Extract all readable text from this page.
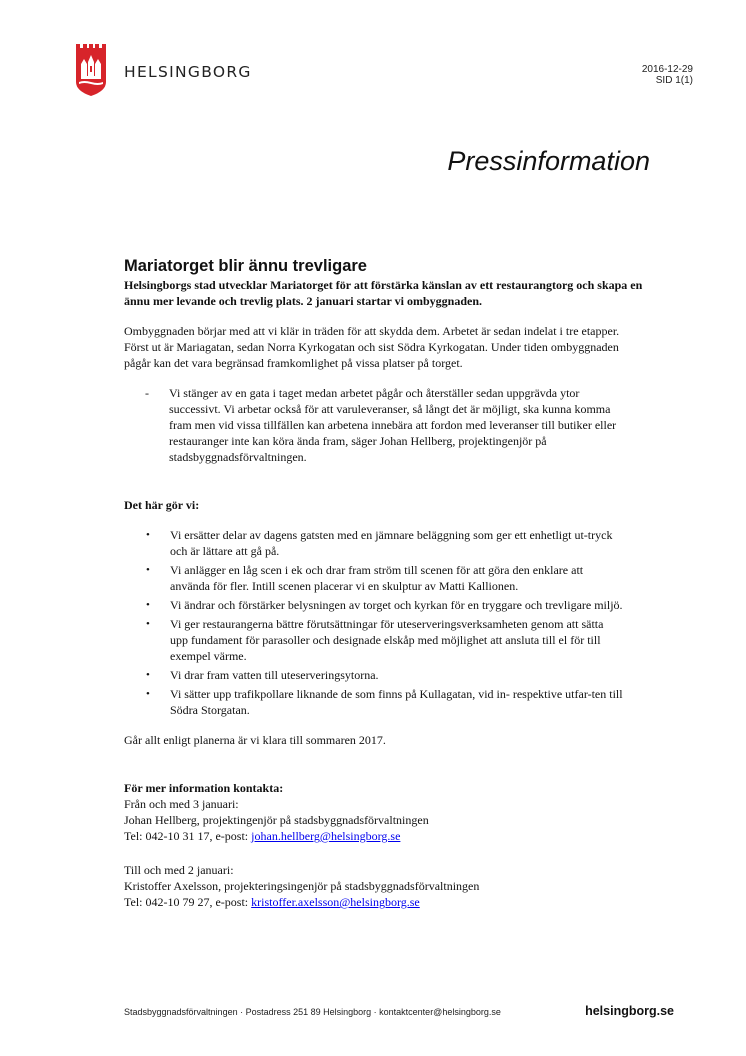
HELSINGBORG	2016-12-29
SID 1(1)
Pressinformation

Mariatorget blir ännu trevligare

Helsingborgs stad utvecklar Mariatorget för att förstärka känslan av ett restaurangtorg och skapa en ännu mer levande och trevlig plats. 2 januari startar vi ombyggnaden.

Ombyggnaden börjar med att vi klär in träden för att skydda dem. Arbetet är sedan indelat i tre etapper. Först ut är Mariagatan, sedan Norra Kyrkogatan och sist Södra Kyrkogatan. Under tiden ombyggnaden pågår kan det vara begränsad framkomlighet på vissa platser på torget.

-	Vi stänger av en gata i taget medan arbetet pågår och återställer sedan uppgrävda ytor successivt. Vi arbetar också för att varuleveranser, så långt det är möjligt, ska kunna komma fram men vid vissa tillfällen kan arbetena innebära att fordon med leveranser till butiker eller restauranger inte kan köra ända fram, säger Johan Hellberg, projektingenjör på stadsbyggnadsförvaltningen.

Det här gör vi:

•	Vi ersätter delar av dagens gatsten med en jämnare beläggning som ger ett enhetligt ut-tryck och är lättare att gå på.
•	Vi anlägger en låg scen i ek och drar fram ström till scenen för att göra den enklare att använda för fler. Intill scenen placerar vi en skulptur av Matti Kallionen.
•	Vi ändrar och förstärker belysningen av torget och kyrkan för en tryggare och trevligare miljö.
•	Vi ger restaurangerna bättre förutsättningar för uteserveringsverksamheten genom att sätta upp fundament för parasoller och designade elskåp med möjlighet att ansluta till el för till exempel värme.
•	Vi drar fram vatten till uteserveringsytorna.
•	Vi sätter upp trafikpollare liknande de som finns på Kullagatan, vid in- respektive utfar-ten till Södra Storgatan.

Går allt enligt planerna är vi klara till sommaren 2017.

För mer information kontakta:

Från och med 3 januari:

Johan Hellberg, projektingenjör på stadsbyggnadsförvaltningen

Tel: 042-10 31 17, e-post: johan.hellberg@helsingborg.se

Till och med 2 januari:

Kristoffer Axelsson, projekteringsingenjör på stadsbyggnadsförvaltningen

Tel: 042-10 79 27, e-post: kristoffer.axelsson@helsingborg.se

Stadsbyggnadsförvaltningen · Postadress 251 89 Helsingborg · kontaktcenter@helsingborg.se	helsingborg.se
